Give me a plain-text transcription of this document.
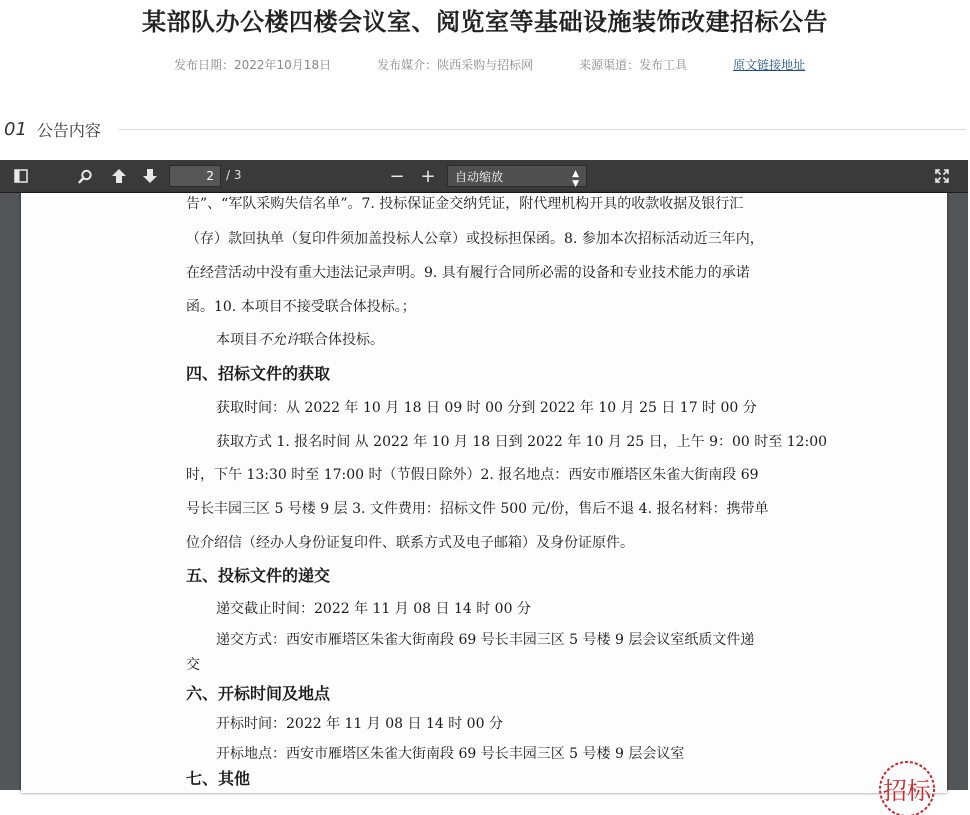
某部队办公楼四楼会议室、阅览室等基础设施装饰改建招标公告
发布日期：2022年10月18日	发布媒介：陕西采购与招标网	来源渠道：发布工具	原文链接地址
01 公告内容
2
/ 3	− +	自动缩放	▲
▼
告”、“军队采购失信名单”。7. 投标保证金交纳凭证，附代理机构开具的收款收据及银行汇
（存）款回执单（复印件须加盖投标人公章）或投标担保函。8. 参加本次招标活动近三年内，
在经营活动中没有重大违法记录声明。9. 具有履行合同所必需的设备和专业技术能力的承诺
函。10. 本项目不接受联合体投标。；
本项目不允许联合体投标。
四、招标文件的获取
获取时间：从 2022 年 10 月 18 日 09 时 00 分到 2022 年 10 月 25 日 17 时 00 分
获取方式 1. 报名时间 从 2022 年 10 月 18 日到 2022 年 10 月 25 日，上午 9：00 时至 12:00
时，下午 13:30 时至 17:00 时（节假日除外）2. 报名地点：西安市雁塔区朱雀大街南段 69
号长丰园三区 5 号楼 9 层 3. 文件费用：招标文件 500 元/份，售后不退 4. 报名材料：携带单
位介绍信（经办人身份证复印件、联系方式及电子邮箱）及身份证原件。
五、投标文件的递交
递交截止时间：2022 年 11 月 08 日 14 时 00 分
递交方式：西安市雁塔区朱雀大街南段 69 号长丰园三区 5 号楼 9 层会议室纸质文件递
交
六、开标时间及地点
开标时间：2022 年 11 月 08 日 14 时 00 分
开标地点：西安市雁塔区朱雀大街南段 69 号长丰园三区 5 号楼 9 层会议室
七、其他	招标
